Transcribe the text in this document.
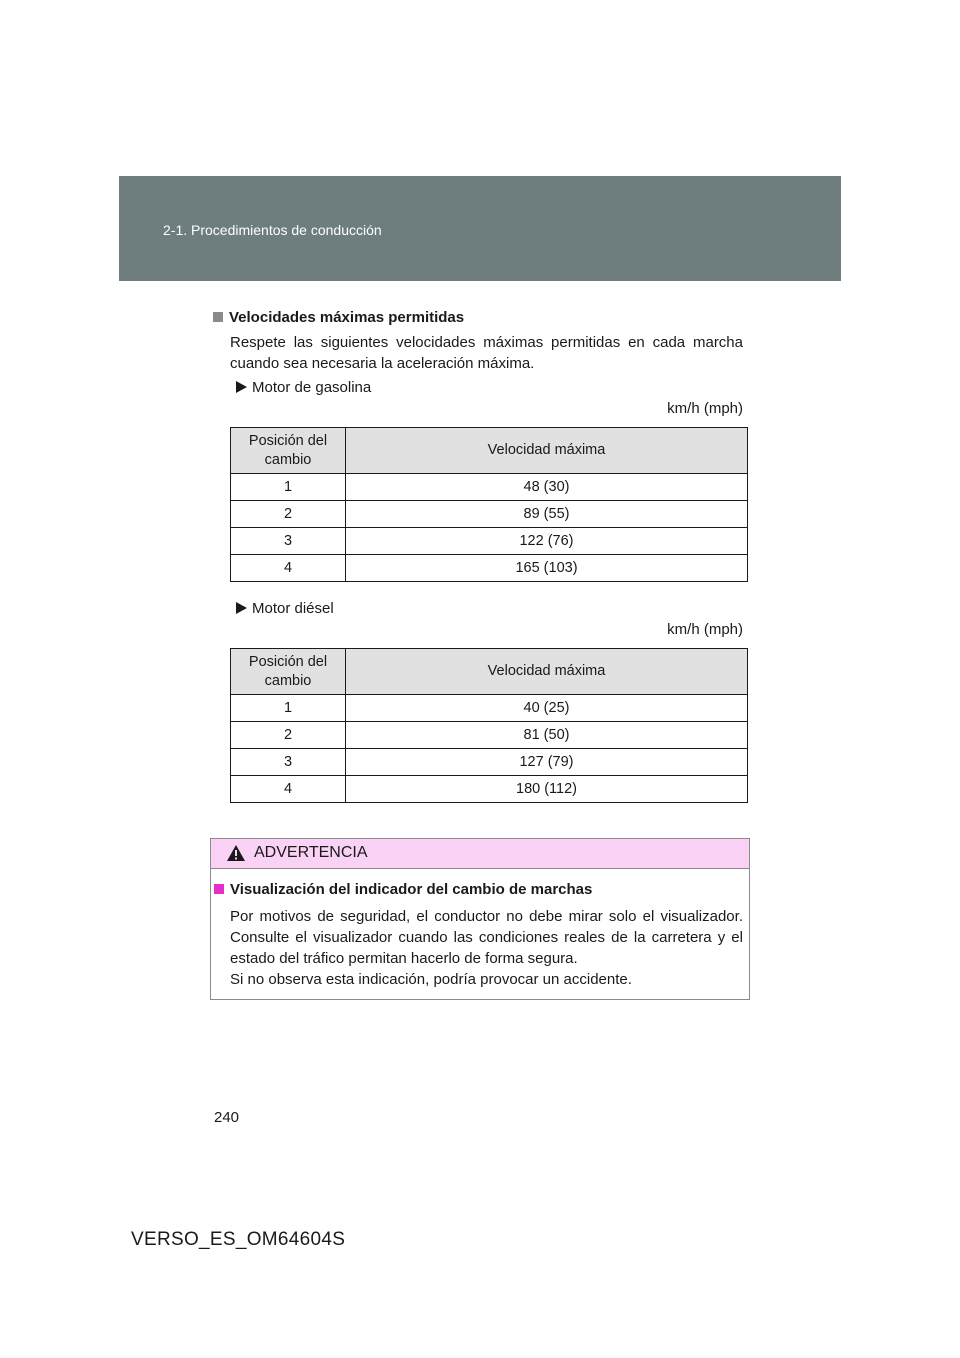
2-1. Procedimientos de conducción
Velocidades máximas permitidas
Respete las siguientes velocidades máximas permitidas en cada marcha cuando sea necesaria la aceleración máxima.
Motor de gasolina
km/h (mph)
Posición del cambio	Velocidad máxima
1	48 (30)
2	89 (55)
3	122 (76)
4	165 (103)
Motor diésel
km/h (mph)
Posición del cambio	Velocidad máxima
1	40 (25)
2	81 (50)
3	127 (79)
4	180 (112)
ADVERTENCIA
Visualización del indicador del cambio de marchas

Por motivos de seguridad, el conductor no debe mirar solo el visualizador. Consulte el visualizador cuando las condiciones reales de la carretera y el estado del tráfico permitan hacerlo de forma segura.

Si no observa esta indicación, podría provocar un accidente.

240
VERSO_ES_OM64604S
